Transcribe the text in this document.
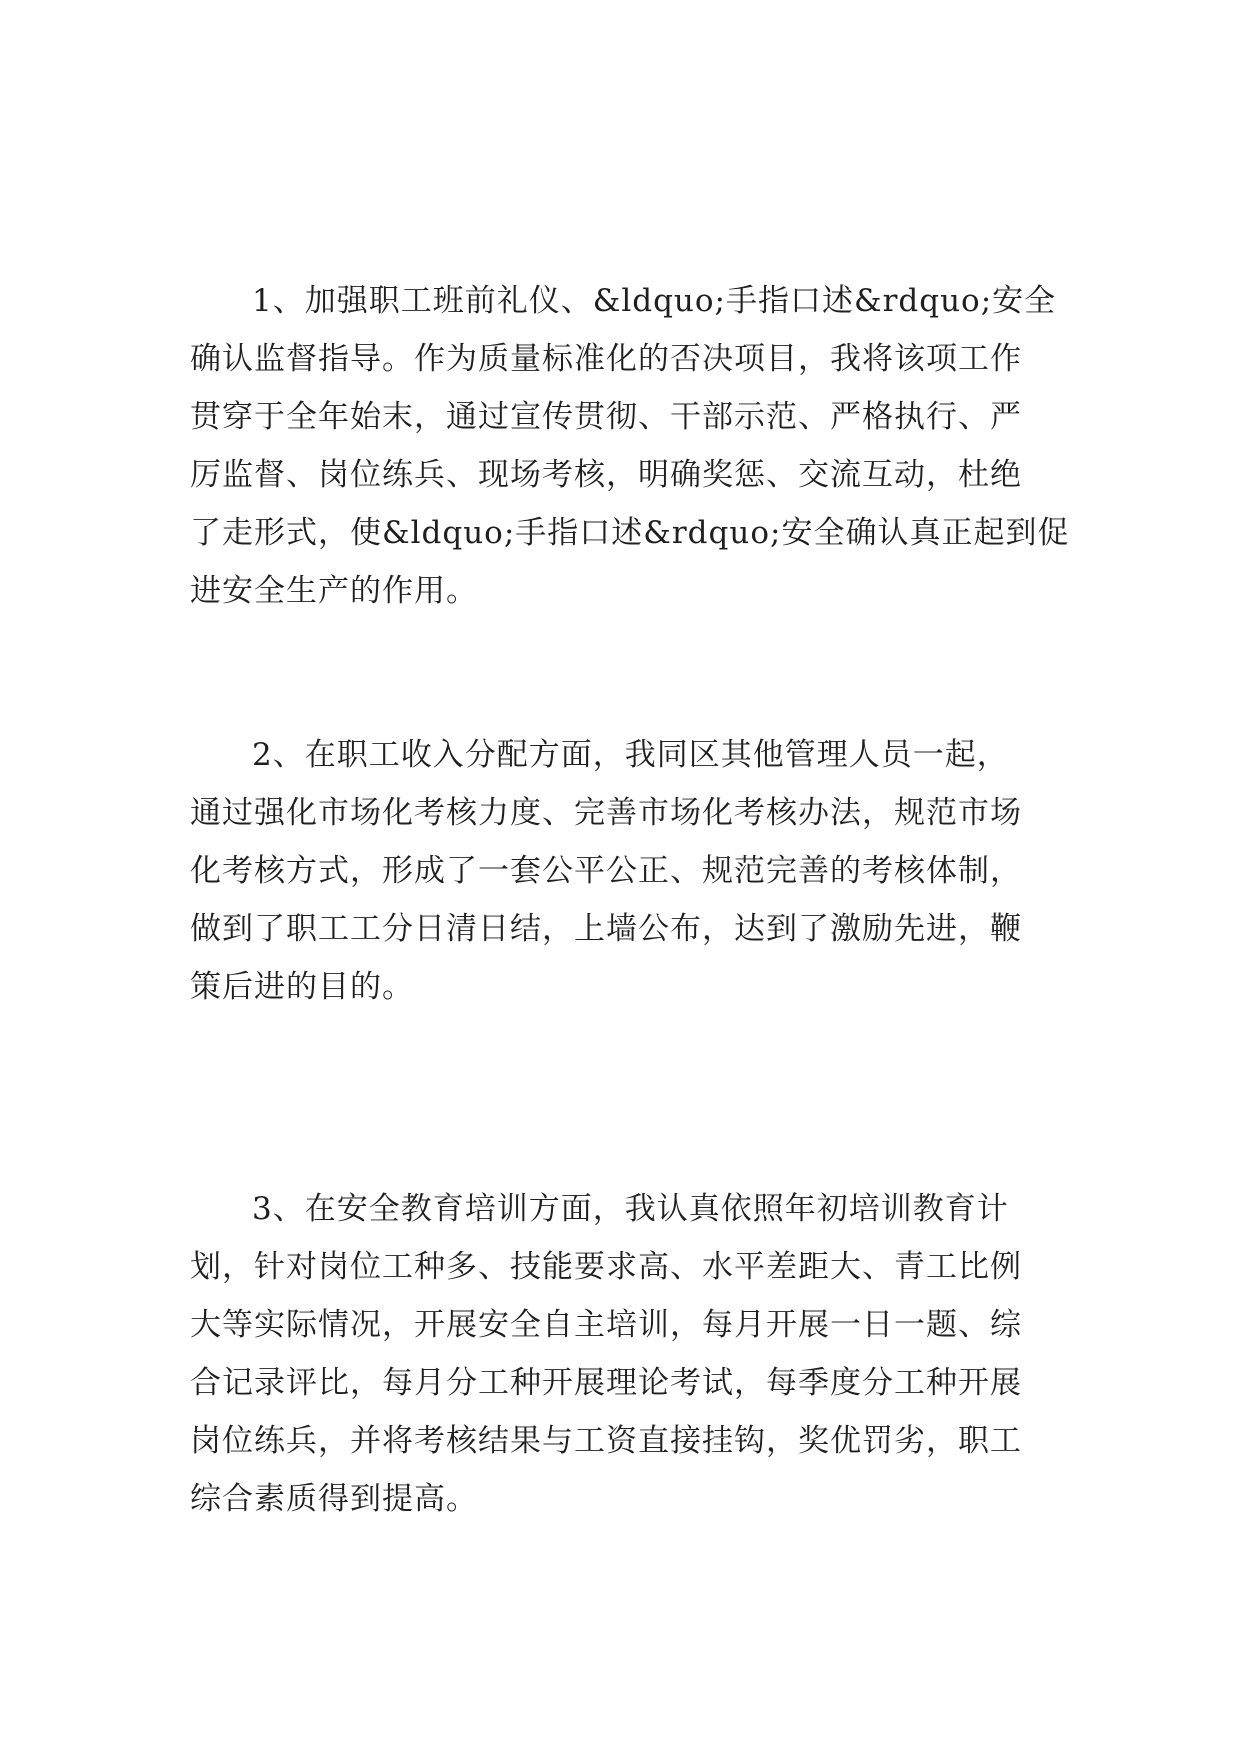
1、加强职工班前礼仪、&ldquo;手指口述&rdquo;安全
确认监督指导。作为质量标准化的否决项目，我将该项工作
贯穿于全年始末，通过宣传贯彻、干部示范、严格执行、严
厉监督、岗位练兵、现场考核，明确奖惩、交流互动，杜绝
了走形式，使&ldquo;手指口述&rdquo;安全确认真正起到促
进安全生产的作用。
2、在职工收入分配方面，我同区其他管理人员一起，
通过强化市场化考核力度、完善市场化考核办法，规范市场
化考核方式，形成了一套公平公正、规范完善的考核体制，
做到了职工工分日清日结，上墙公布，达到了激励先进，鞭
策后进的目的。
3、在安全教育培训方面，我认真依照年初培训教育计
划，针对岗位工种多、技能要求高、水平差距大、青工比例
大等实际情况，开展安全自主培训，每月开展一日一题、综
合记录评比，每月分工种开展理论考试，每季度分工种开展
岗位练兵，并将考核结果与工资直接挂钩，奖优罚劣，职工
综合素质得到提高。
